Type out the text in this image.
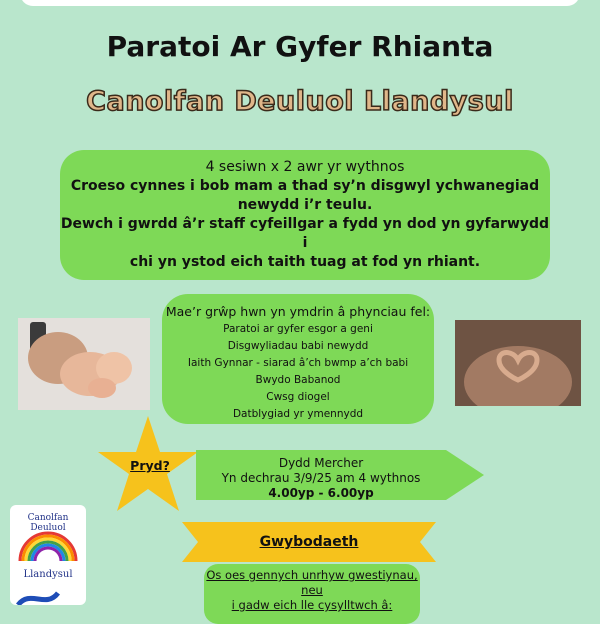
Paratoi Ar Gyfer Rhianta
Canolfan Deuluol Llandysul
4 sesiwn x 2 awr yr wythnos
Croeso cynnes i bob mam a thad sy’n disgwyl ychwanegiad
newydd i’r teulu.
Dewch i gwrdd â’r staff cyfeillgar a fydd yn dod yn gyfarwydd i
chi yn ystod eich taith tuag at fod yn rhiant.
Mae’r grŵp hwn yn ymdrin â phynciau fel:
Paratoi ar gyfer esgor a geni
Disgwyliadau babi newydd
Iaith Gynnar - siarad â’ch bwmp a’ch babi
Bwydo Babanod
Cwsg diogel
Datblygiad yr ymennydd
Pryd?	Dydd Mercher
Yn dechrau 3/9/25 am 4 wythnos
4.00yp - 6.00yp
Gwybodaeth
Os oes gennych unrhyw gwestiynau, neu
i gadw eich lle cysylltwch â:
Canolfan Deuluol
Llandysul
